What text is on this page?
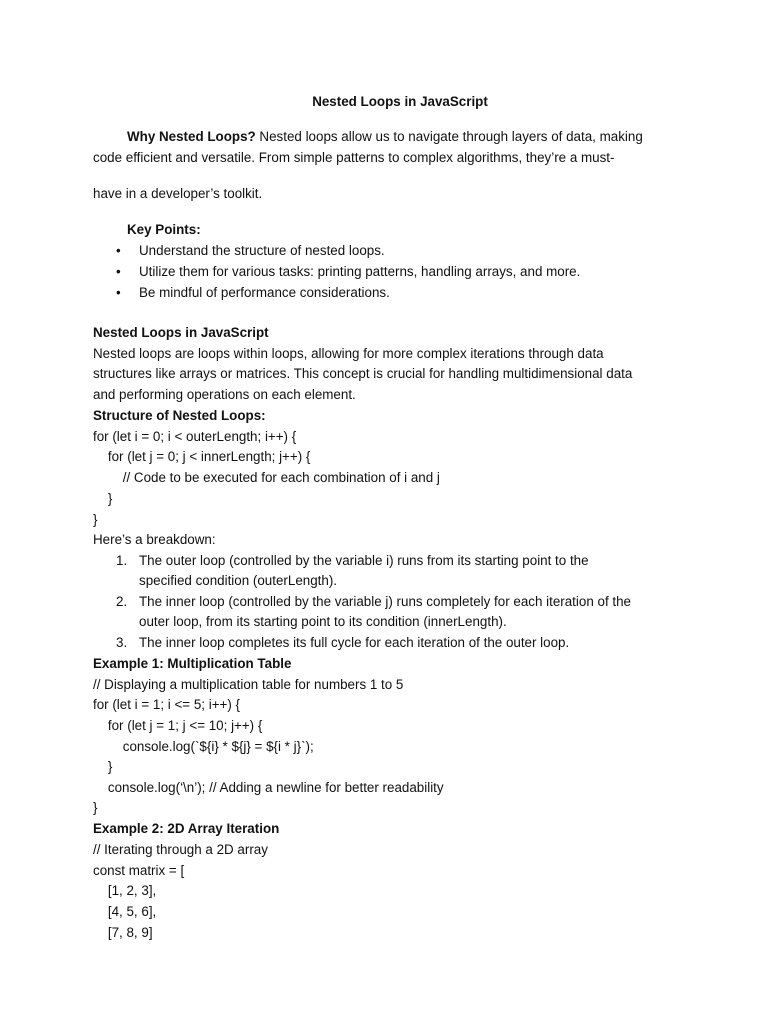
Nested Loops in JavaScript
Why Nested Loops? Nested loops allow us to navigate through layers of data, making
code efficient and versatile. From simple patterns to complex algorithms, they’re a must-
have in a developer’s toolkit.
Key Points:
• Understand the structure of nested loops.
• Utilize them for various tasks: printing patterns, handling arrays, and more.
• Be mindful of performance considerations.
Nested Loops in JavaScript
Nested loops are loops within loops, allowing for more complex iterations through data
structures like arrays or matrices. This concept is crucial for handling multidimensional data
and performing operations on each element.
Structure of Nested Loops:
for (let i = 0; i < outerLength; i++) {
for (let j = 0; j < innerLength; j++) {
// Code to be executed for each combination of i and j
}
}
Here’s a breakdown:
1. The outer loop (controlled by the variable i) runs from its starting point to the
specified condition (outerLength).
2. The inner loop (controlled by the variable j) runs completely for each iteration of the
outer loop, from its starting point to its condition (innerLength).
3. The inner loop completes its full cycle for each iteration of the outer loop.
Example 1: Multiplication Table
// Displaying a multiplication table for numbers 1 to 5
for (let i = 1; i <= 5; i++) {
for (let j = 1; j <= 10; j++) {
console.log(`${i} * ${j} = ${i * j}`);
}
console.log(‘\n’); // Adding a newline for better readability
}
Example 2: 2D Array Iteration
// Iterating through a 2D array
const matrix = [
[1, 2, 3],
[4, 5, 6],
[7, 8, 9]
